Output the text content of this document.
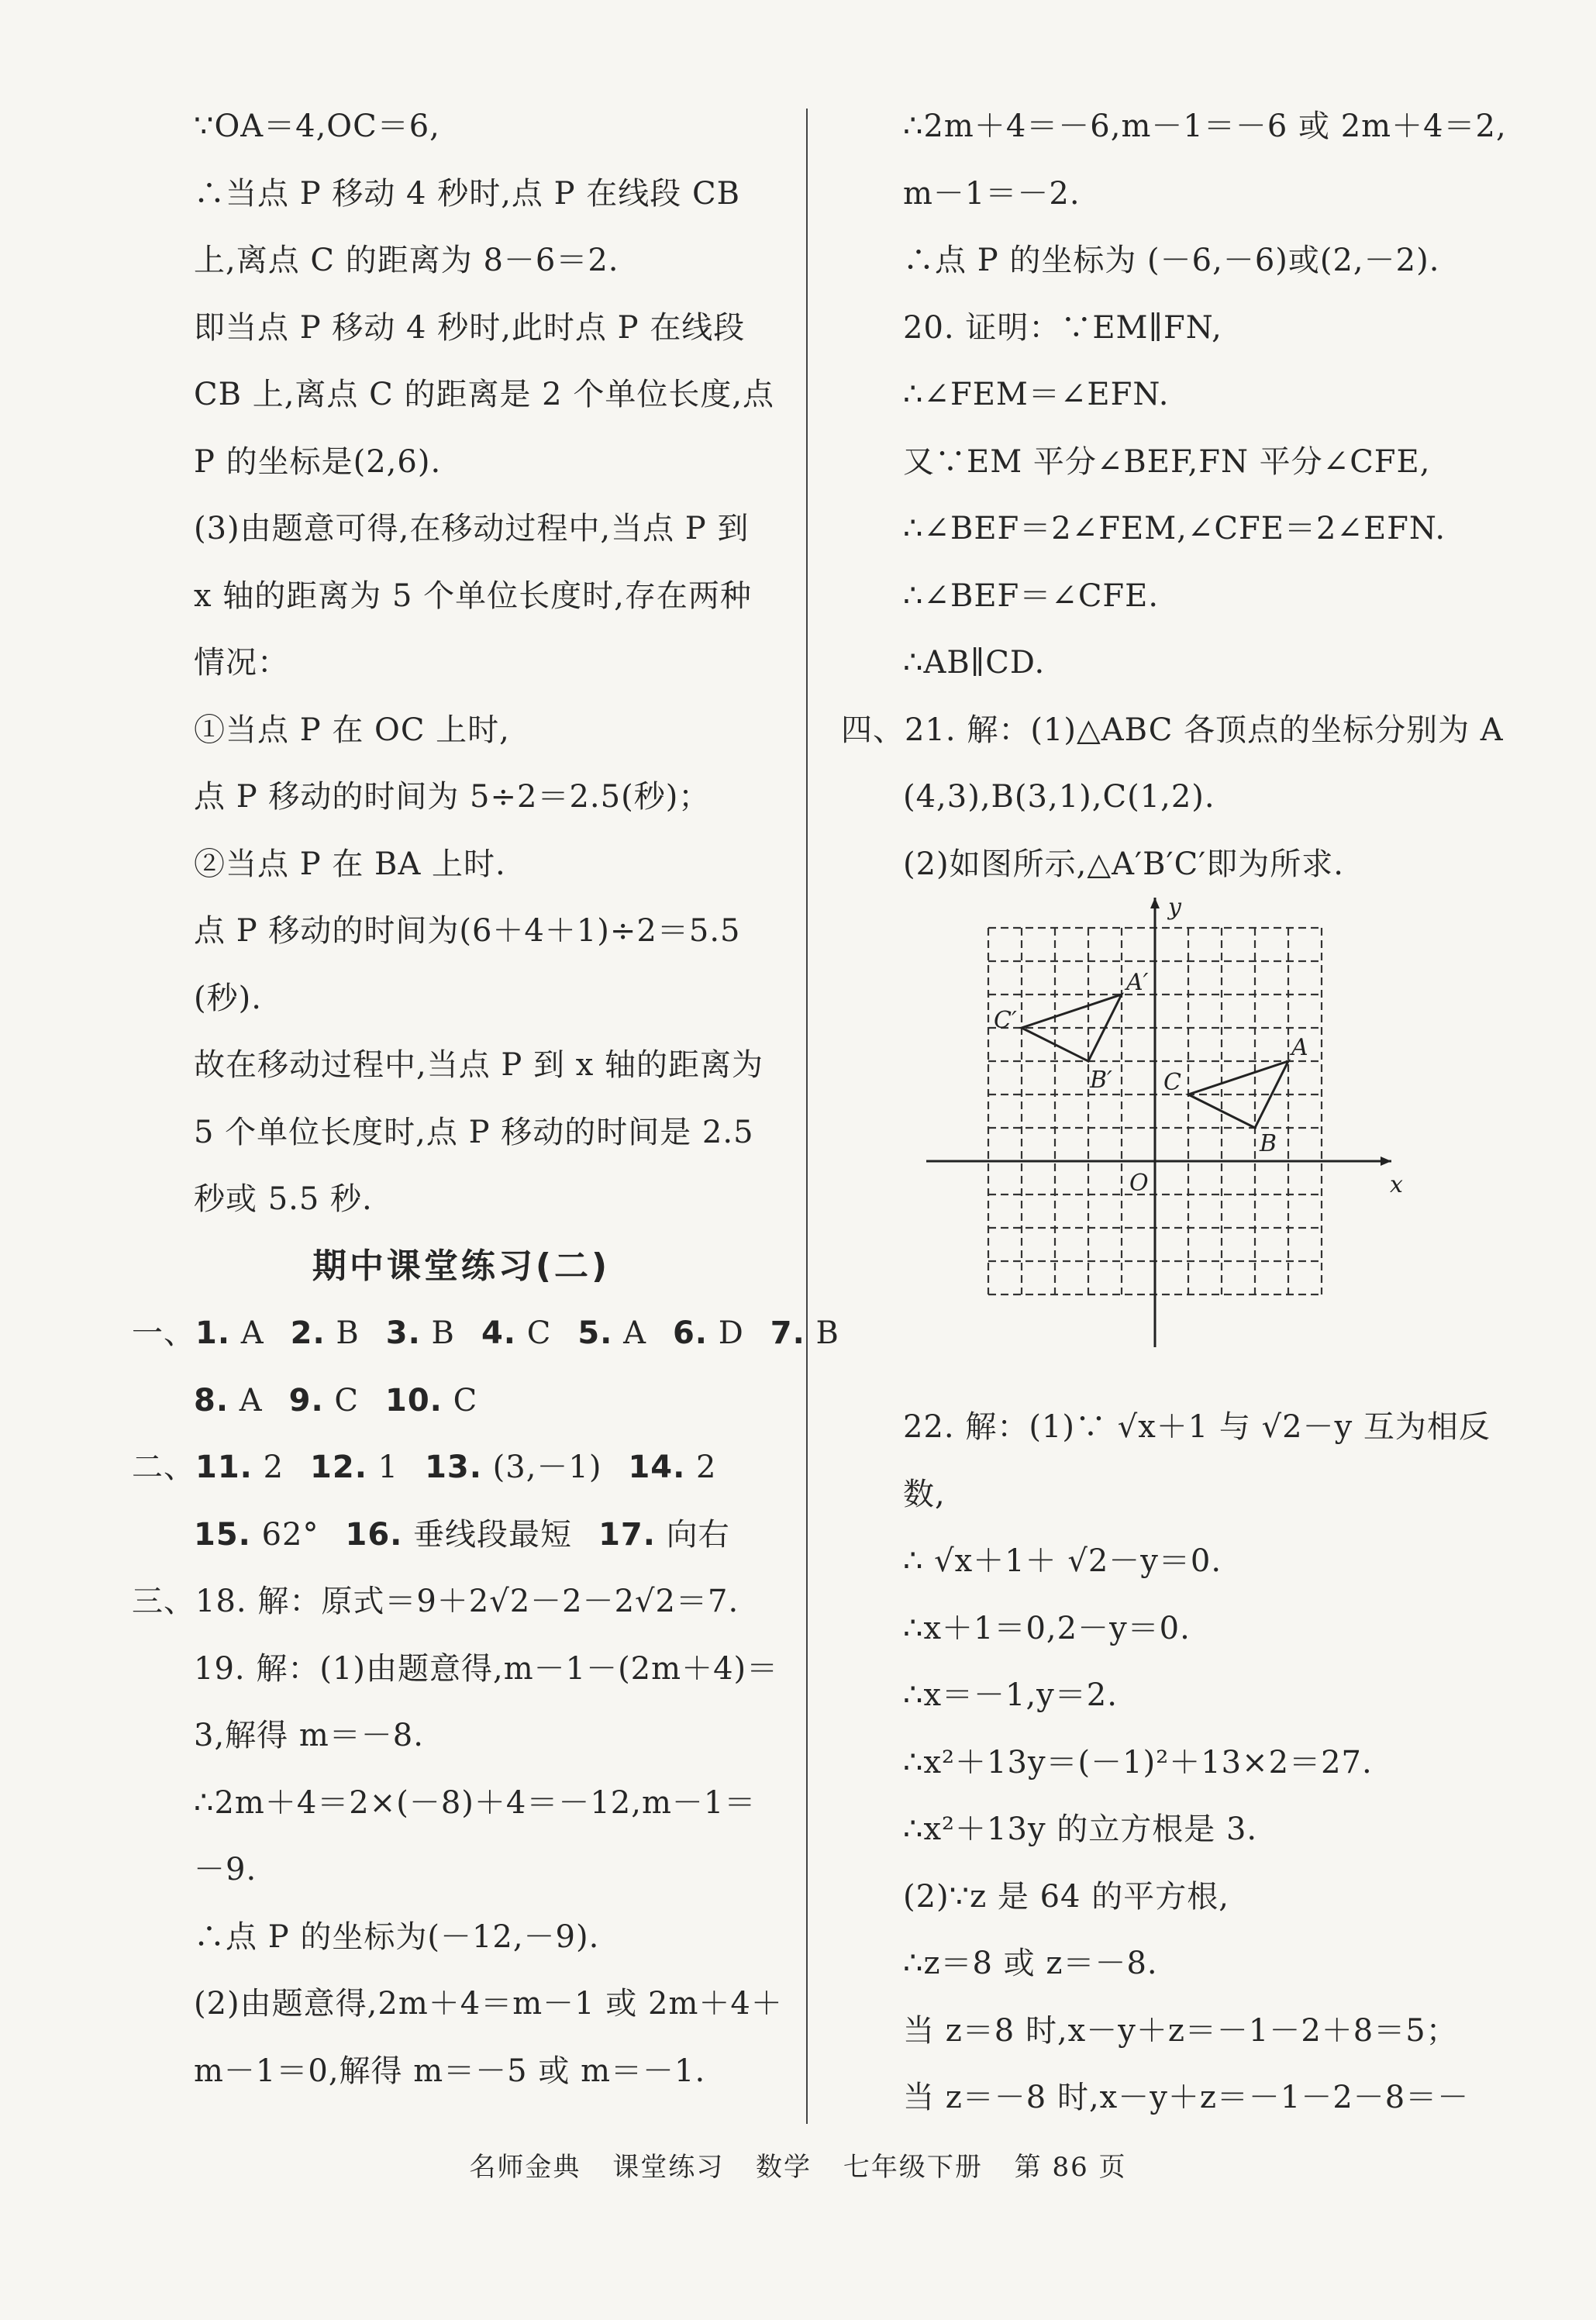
∵OA＝4,OC＝6,
∴当点 P 移动 4 秒时,点 P 在线段 CB
上,离点 C 的距离为 8－6＝2.
即当点 P 移动 4 秒时,此时点 P 在线段
CB 上,离点 C 的距离是 2 个单位长度,点
P 的坐标是(2,6).
(3)由题意可得,在移动过程中,当点 P 到
x 轴的距离为 5 个单位长度时,存在两种
情况：
①当点 P 在 OC 上时,
点 P 移动的时间为 5÷2＝2.5(秒)；
②当点 P 在 BA 上时.
点 P 移动的时间为(6＋4＋1)÷2＝5.5
(秒).
故在移动过程中,当点 P 到 x 轴的距离为
5 个单位长度时,点 P 移动的时间是 2.5
秒或 5.5 秒.
期中课堂练习(二)
一、1. A 2. B 3. B 4. C 5. A 6. D 7. B
8. A 9. C 10. C
二、11. 2 12. 1 13. (3,－1) 14. 2
15. 62° 16. 垂线段最短 17. 向右
三、18. 解：原式＝9＋2√2－2－2√2＝7.
19. 解：(1)由题意得,m－1－(2m＋4)＝
3,解得 m＝－8.
∴2m＋4＝2×(－8)＋4＝－12,m－1＝
－9.
∴点 P 的坐标为(－12,－9).
(2)由题意得,2m＋4＝m－1 或 2m＋4＋
m－1＝0,解得 m＝－5 或 m＝－1.
∴2m＋4＝－6,m－1＝－6 或 2m＋4＝2,
m－1＝－2.
∴点 P 的坐标为 (－6,－6)或(2,－2).
20. 证明：∵EM∥FN,
∴∠FEM＝∠EFN.
又∵EM 平分∠BEF,FN 平分∠CFE,
∴∠BEF＝2∠FEM,∠CFE＝2∠EFN.
∴∠BEF＝∠CFE.
∴AB∥CD.
四、21. 解：(1)△ABC 各顶点的坐标分别为 A
(4,3),B(3,1),C(1,2).
(2)如图所示,△A′B′C′即为所求.
y
x
O
A
B
C
A′
B′
C′
22. 解：(1)∵ √x＋1 与 √2－y 互为相反
数,
∴ √x＋1＋ √2－y＝0.
∴x＋1＝0,2－y＝0.
∴x＝－1,y＝2.
∴x²＋13y＝(－1)²＋13×2＝27.
∴x²＋13y 的立方根是 3.
(2)∵z 是 64 的平方根,
∴z＝8 或 z＝－8.
当 z＝8 时,x－y＋z＝－1－2＋8＝5；
当 z＝－8 时,x－y＋z＝－1－2－8＝－
名师金典 课堂练习 数学 七年级下册 第 86 页
